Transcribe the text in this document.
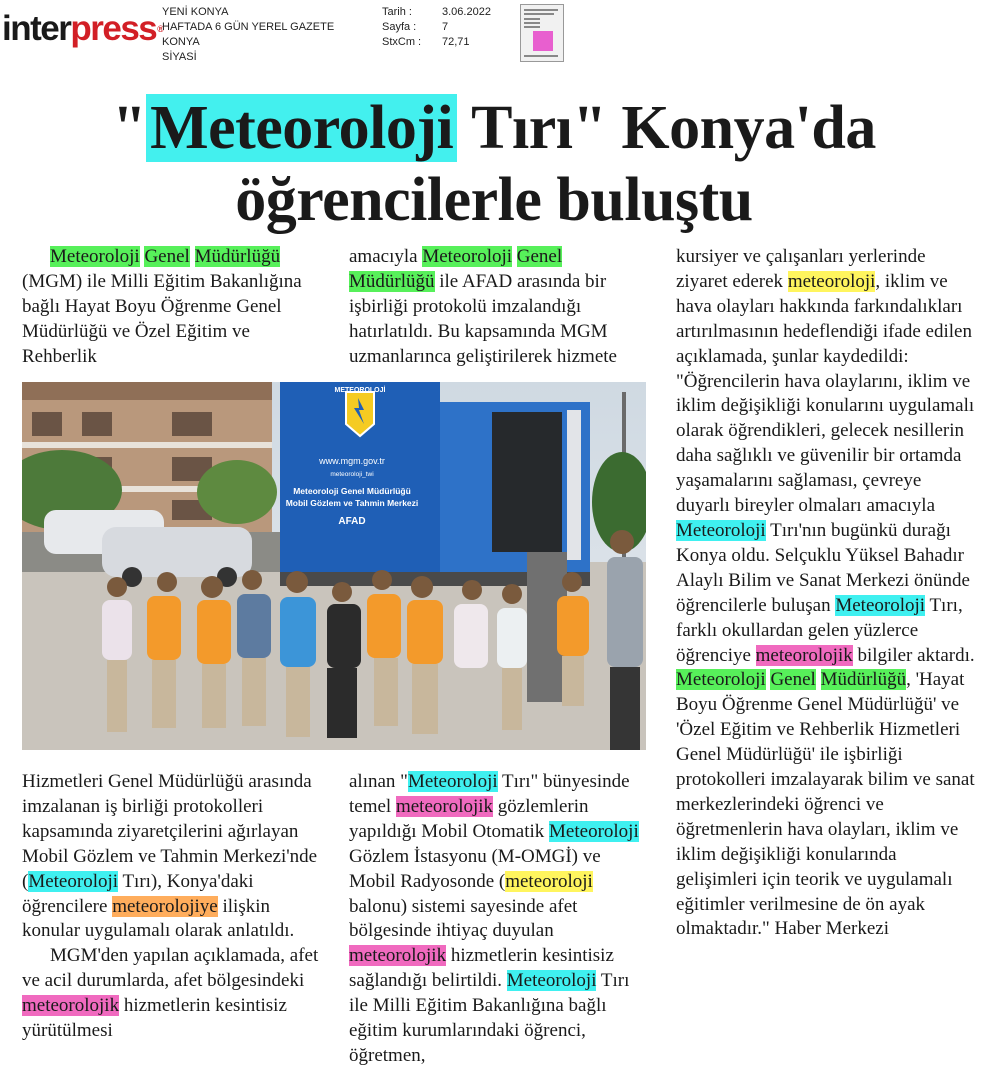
interpress®
YENİ KONYA
HAFTADA 6 GÜN YEREL GAZETE
KONYA
SİYASİ
Tarih :	3.06.2022
Sayfa :	7
StxCm :	72,71
"Meteoroloji Tırı" Konya'da
öğrencilerle buluştu

Meteoroloji Genel Müdürlüğü (MGM) ile Milli Eğitim Bakanlığına bağlı Hayat Boyu Öğrenme Genel Müdürlüğü ve Özel Eğitim ve Rehberlik

amacıyla Meteoroloji Genel Müdürlüğü ile AFAD arasında bir işbirliği protokolü imzalandığı hatırlatıldı. Bu kapsamında MGM uzmanlarınca geliştirilerek hizmete

Hizmetleri Genel Müdürlüğü arasında imzalanan iş birliği protokolleri kapsamında ziyaretçilerini ağırlayan Mobil Gözlem ve Tahmin Merkezi'nde (Meteoroloji Tırı), Konya'daki öğrencilere meteorolojiye ilişkin konular uygulamalı olarak anlatıldı.

MGM'den yapılan açıklamada, afet ve acil durumlarda, afet bölgesindeki meteorolojik hizmetlerin kesintisiz yürütülmesi

alınan "Meteoroloji Tırı" bünyesinde temel meteorolojik gözlemlerin yapıldığı Mobil Otomatik Meteoroloji Gözlem İstasyonu (M-OMGİ) ve Mobil Radyosonde (meteoroloji balonu) sistemi sayesinde afet bölgesinde ihtiyaç duyulan meteorolojik hizmetlerin kesintisiz sağlandığı belirtildi. Meteoroloji Tırı ile Milli Eğitim Bakanlığına bağlı eğitim kurumlarındaki öğrenci, öğretmen,

kursiyer ve çalışanları yerlerinde ziyaret ederek meteoroloji, iklim ve hava olayları hakkında farkındalıkları artırılmasının hedeflendiği ifade edilen açıklamada, şunlar kaydedildi: "Öğrencilerin hava olaylarını, iklim ve iklim değişikliği konularını uygulamalı olarak öğrendikleri, gelecek nesillerin daha sağlıklı ve güvenilir bir ortamda yaşamalarını sağlaması, çevreye duyarlı bireyler olmaları amacıyla Meteoroloji Tırı'nın bugünkü durağı Konya oldu. Selçuklu Yüksel Bahadır Alaylı Bilim ve Sanat Merkezi önünde öğrencilerle buluşan Meteoroloji Tırı, farklı okullardan gelen yüzlerce öğrenciye meteorolojik bilgiler aktardı. Meteoroloji Genel Müdürlüğü, 'Hayat Boyu Öğrenme Genel Müdürlüğü' ve 'Özel Eğitim ve Rehberlik Hizmetleri Genel Müdürlüğü' ile işbirliği protokolleri imzalayarak bilim ve sanat merkezlerindeki öğrenci ve öğretmenlerin hava olayları, iklim ve iklim değişikliği konularında gelişimleri için teorik ve uygulamalı eğitimler verilmesine de ön ayak olmaktadır." Haber Merkezi

METEOROLOJİ
www.mgm.gov.tr
meteoroloji_twi
Meteoroloji Genel Müdürlüğü
Mobil Gözlem ve Tahmin Merkezi
AFAD
